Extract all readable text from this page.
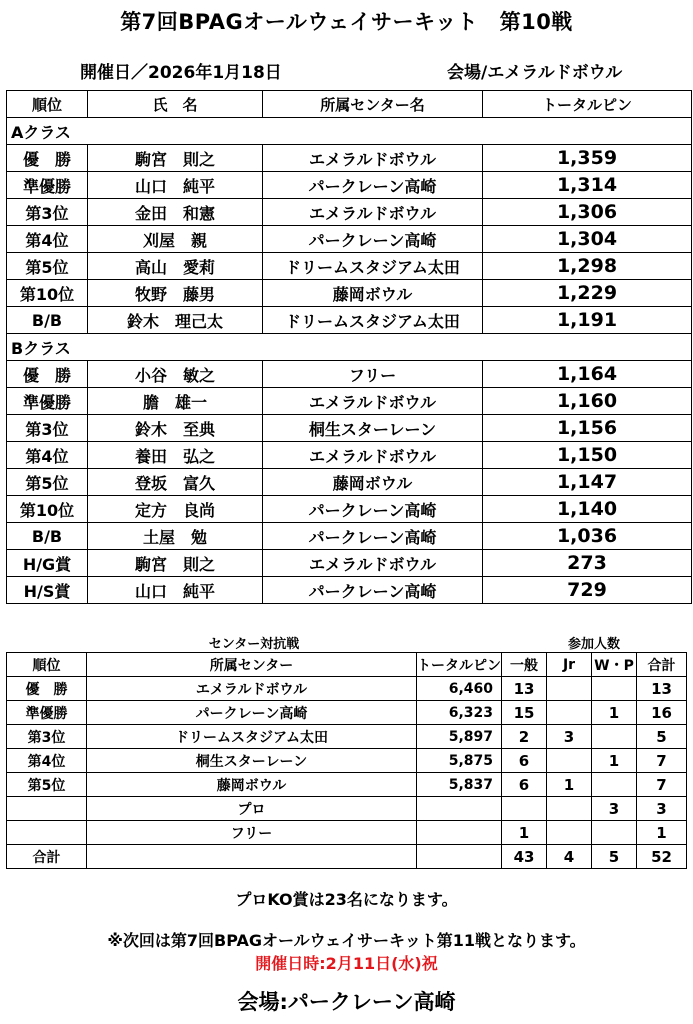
第7回BPAGオールウェイサーキット　第10戦
開催日／2026年1月18日	会場/エメラルドボウル
順位	氏　名	所属センター名	トータルピン
Aクラス			
優　勝	駒宮　則之	エメラルドボウル	1,359
準優勝	山口　純平	パークレーン高崎	1,314
第3位	金田　和憲	エメラルドボウル	1,306
第4位	刈屋　親	パークレーン高崎	1,304
第5位	高山　愛莉	ドリームスタジアム太田	1,298
第10位	牧野　藤男	藤岡ボウル	1,229
B/B	鈴木　理己太	ドリームスタジアム太田	1,191
Bクラス			
優　勝	小谷　敏之	フリー	1,164
準優勝	膽　雄一	エメラルドボウル	1,160
第3位	鈴木　至典	桐生スターレーン	1,156
第4位	養田　弘之	エメラルドボウル	1,150
第5位	登坂　富久	藤岡ボウル	1,147
第10位	定方　良尚	パークレーン高崎	1,140
B/B	土屋　勉	パークレーン高崎	1,036
H/G賞	駒宮　則之	エメラルドボウル	273
H/S賞	山口　純平	パークレーン高崎	729
センター対抗戦			参加人数			
順位	所属センター	トータルピン	一般	Jr	W・P	合計
優　勝	エメラルドボウル	6,460	13			13
準優勝	パークレーン高崎	6,323	15		1	16
第3位	ドリームスタジアム太田	5,897	2	3		5
第4位	桐生スターレーン	5,875	6		1	7
第5位	藤岡ボウル	5,837	6	1		7
	プロ				3	3
	フリー		1			1
合計			43	4	5	52
プロKO賞は23名になります。
※次回は第7回BPAGオールウェイサーキット第11戦となります。
開催日時:2月11日(水)祝
会場:パークレーン高崎
